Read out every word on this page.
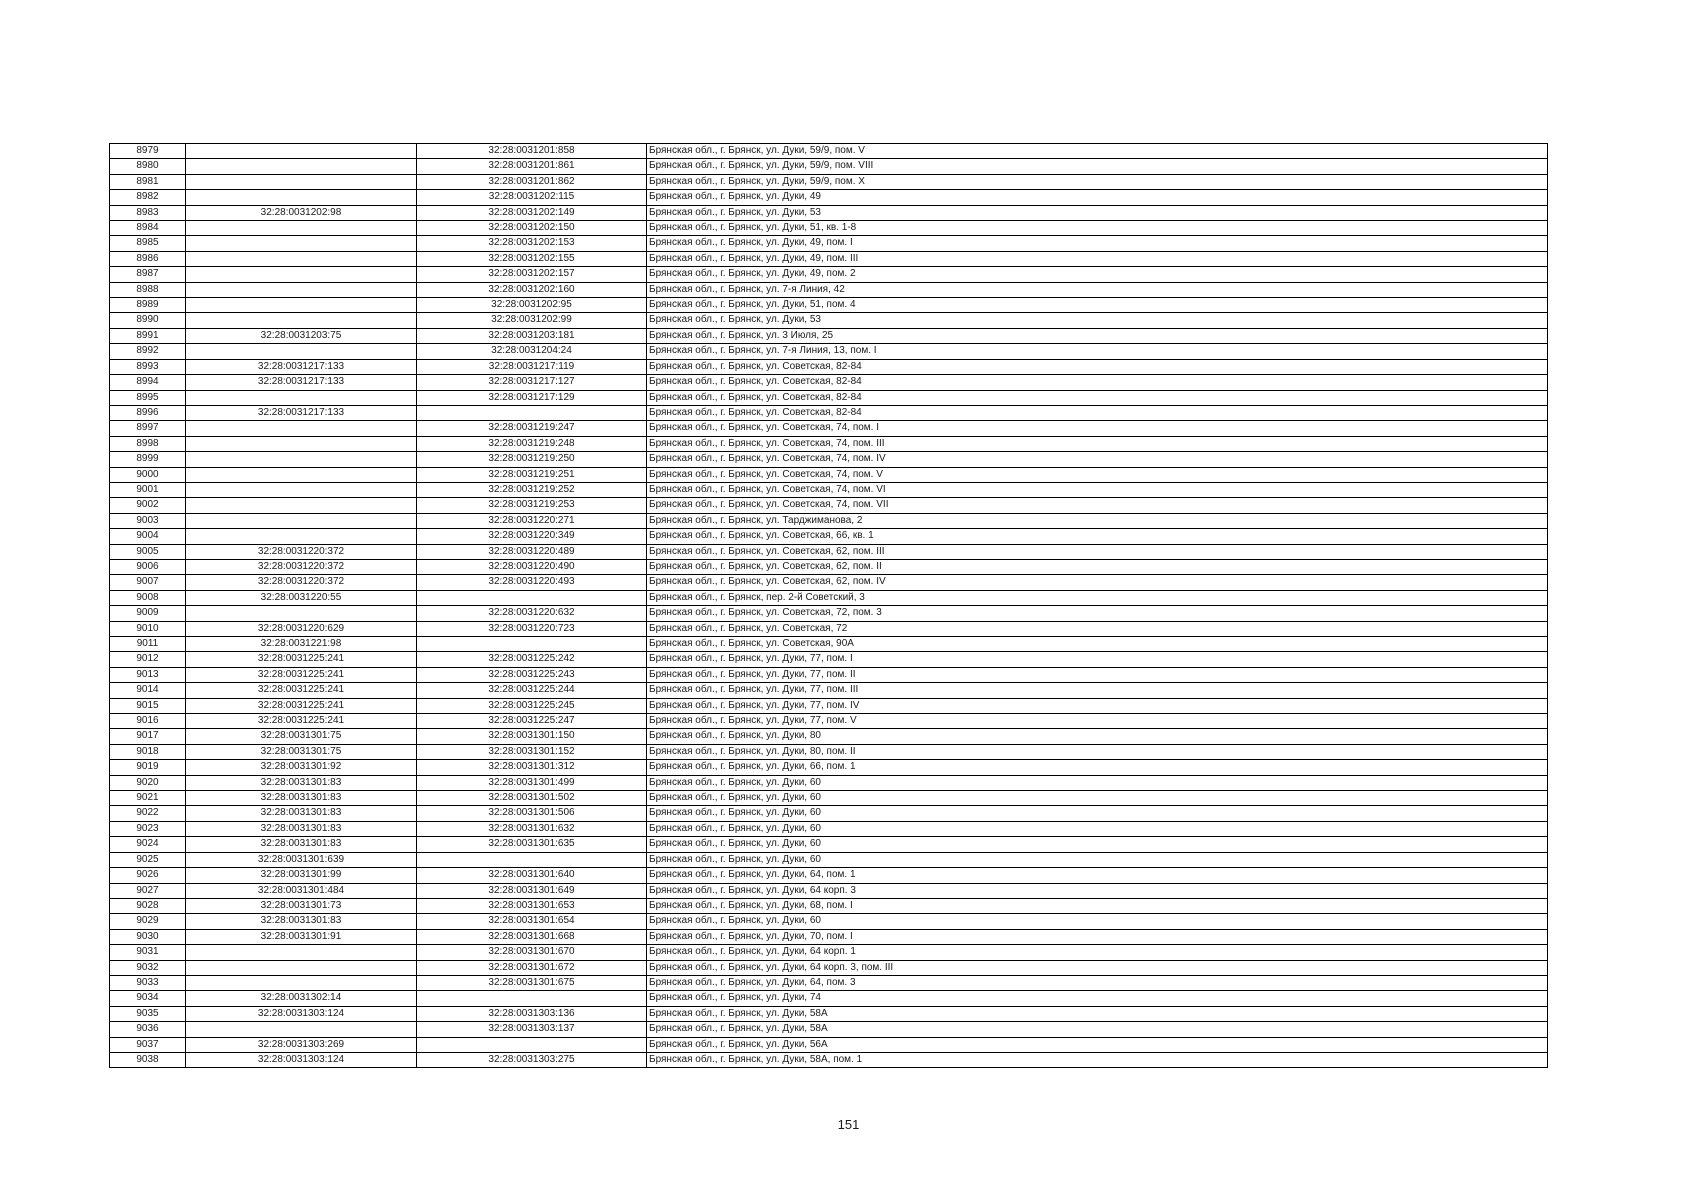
8979		32:28:0031201:858	Брянская обл., г. Брянск, ул. Дуки, 59/9, пом. V
8980		32:28:0031201:861	Брянская обл., г. Брянск, ул. Дуки, 59/9, пом. VIII
8981		32:28:0031201:862	Брянская обл., г. Брянск, ул. Дуки, 59/9, пом. X
8982		32:28:0031202:115	Брянская обл., г. Брянск, ул. Дуки, 49
8983	32:28:0031202:98	32:28:0031202:149	Брянская обл., г. Брянск, ул. Дуки, 53
8984		32:28:0031202:150	Брянская обл., г. Брянск, ул. Дуки, 51, кв. 1-8
8985		32:28:0031202:153	Брянская обл., г. Брянск, ул. Дуки, 49, пом. I
8986		32:28:0031202:155	Брянская обл., г. Брянск, ул. Дуки, 49, пом. III
8987		32:28:0031202:157	Брянская обл., г. Брянск, ул. Дуки, 49, пом. 2
8988		32:28:0031202:160	Брянская обл., г. Брянск, ул. 7-я Линия, 42
8989		32:28:0031202:95	Брянская обл., г. Брянск, ул. Дуки, 51, пом. 4
8990		32:28:0031202:99	Брянская обл., г. Брянск, ул. Дуки, 53
8991	32:28:0031203:75	32:28:0031203:181	Брянская обл., г. Брянск, ул. 3 Июля, 25
8992		32:28:0031204:24	Брянская обл., г. Брянск, ул. 7-я Линия, 13, пом. I
8993	32:28:0031217:133	32:28:0031217:119	Брянская обл., г. Брянск, ул. Советская, 82-84
8994	32:28:0031217:133	32:28:0031217:127	Брянская обл., г. Брянск, ул. Советская, 82-84
8995		32:28:0031217:129	Брянская обл., г. Брянск, ул. Советская, 82-84
8996	32:28:0031217:133		Брянская обл., г. Брянск, ул. Советская, 82-84
8997		32:28:0031219:247	Брянская обл., г. Брянск, ул. Советская, 74, пом. I
8998		32:28:0031219:248	Брянская обл., г. Брянск, ул. Советская, 74, пом. III
8999		32:28:0031219:250	Брянская обл., г. Брянск, ул. Советская, 74, пом. IV
9000		32:28:0031219:251	Брянская обл., г. Брянск, ул. Советская, 74, пом. V
9001		32:28:0031219:252	Брянская обл., г. Брянск, ул. Советская, 74, пом. VI
9002		32:28:0031219:253	Брянская обл., г. Брянск, ул. Советская, 74, пом. VII
9003		32:28:0031220:271	Брянская обл., г. Брянск, ул. Тарджиманова, 2
9004		32:28:0031220:349	Брянская обл., г. Брянск, ул. Советская, 66, кв. 1
9005	32:28:0031220:372	32:28:0031220:489	Брянская обл., г. Брянск, ул. Советская, 62, пом. III
9006	32:28:0031220:372	32:28:0031220:490	Брянская обл., г. Брянск, ул. Советская, 62, пом. II
9007	32:28:0031220:372	32:28:0031220:493	Брянская обл., г. Брянск, ул. Советская, 62, пом. IV
9008	32:28:0031220:55		Брянская обл., г. Брянск, пер. 2-й Советский, 3
9009		32:28:0031220:632	Брянская обл., г. Брянск, ул. Советская, 72, пом. 3
9010	32:28:0031220:629	32:28:0031220:723	Брянская обл., г. Брянск, ул. Советская, 72
9011	32:28:0031221:98		Брянская обл., г. Брянск, ул. Советская, 90А
9012	32:28:0031225:241	32:28:0031225:242	Брянская обл., г. Брянск, ул. Дуки, 77, пом. I
9013	32:28:0031225:241	32:28:0031225:243	Брянская обл., г. Брянск, ул. Дуки, 77, пом. II
9014	32:28:0031225:241	32:28:0031225:244	Брянская обл., г. Брянск, ул. Дуки, 77, пом. III
9015	32:28:0031225:241	32:28:0031225:245	Брянская обл., г. Брянск, ул. Дуки, 77, пом. IV
9016	32:28:0031225:241	32:28:0031225:247	Брянская обл., г. Брянск, ул. Дуки, 77, пом. V
9017	32:28:0031301:75	32:28:0031301:150	Брянская обл., г. Брянск, ул. Дуки, 80
9018	32:28:0031301:75	32:28:0031301:152	Брянская обл., г. Брянск, ул. Дуки, 80, пом. II
9019	32:28:0031301:92	32:28:0031301:312	Брянская обл., г. Брянск, ул. Дуки, 66, пом. 1
9020	32:28:0031301:83	32:28:0031301:499	Брянская обл., г. Брянск, ул. Дуки, 60
9021	32:28:0031301:83	32:28:0031301:502	Брянская обл., г. Брянск, ул. Дуки, 60
9022	32:28:0031301:83	32:28:0031301:506	Брянская обл., г. Брянск, ул. Дуки, 60
9023	32:28:0031301:83	32:28:0031301:632	Брянская обл., г. Брянск, ул. Дуки, 60
9024	32:28:0031301:83	32:28:0031301:635	Брянская обл., г. Брянск, ул. Дуки, 60
9025	32:28:0031301:639		Брянская обл., г. Брянск, ул. Дуки, 60
9026	32:28:0031301:99	32:28:0031301:640	Брянская обл., г. Брянск, ул. Дуки, 64, пом. 1
9027	32:28:0031301:484	32:28:0031301:649	Брянская обл., г. Брянск, ул. Дуки, 64 корп. 3
9028	32:28:0031301:73	32:28:0031301:653	Брянская обл., г. Брянск, ул. Дуки, 68, пом. I
9029	32:28:0031301:83	32:28:0031301:654	Брянская обл., г. Брянск, ул. Дуки, 60
9030	32:28:0031301:91	32:28:0031301:668	Брянская обл., г. Брянск, ул. Дуки, 70, пом. I
9031		32:28:0031301:670	Брянская обл., г. Брянск, ул. Дуки, 64 корп. 1
9032		32:28:0031301:672	Брянская обл., г. Брянск, ул. Дуки, 64 корп. 3, пом. III
9033		32:28:0031301:675	Брянская обл., г. Брянск, ул. Дуки, 64, пом. 3
9034	32:28:0031302:14		Брянская обл., г. Брянск, ул. Дуки, 74
9035	32:28:0031303:124	32:28:0031303:136	Брянская обл., г. Брянск, ул. Дуки, 58А
9036		32:28:0031303:137	Брянская обл., г. Брянск, ул. Дуки, 58А
9037	32:28:0031303:269		Брянская обл., г. Брянск, ул. Дуки, 56А
9038	32:28:0031303:124	32:28:0031303:275	Брянская обл., г. Брянск, ул. Дуки, 58А, пом. 1
151
